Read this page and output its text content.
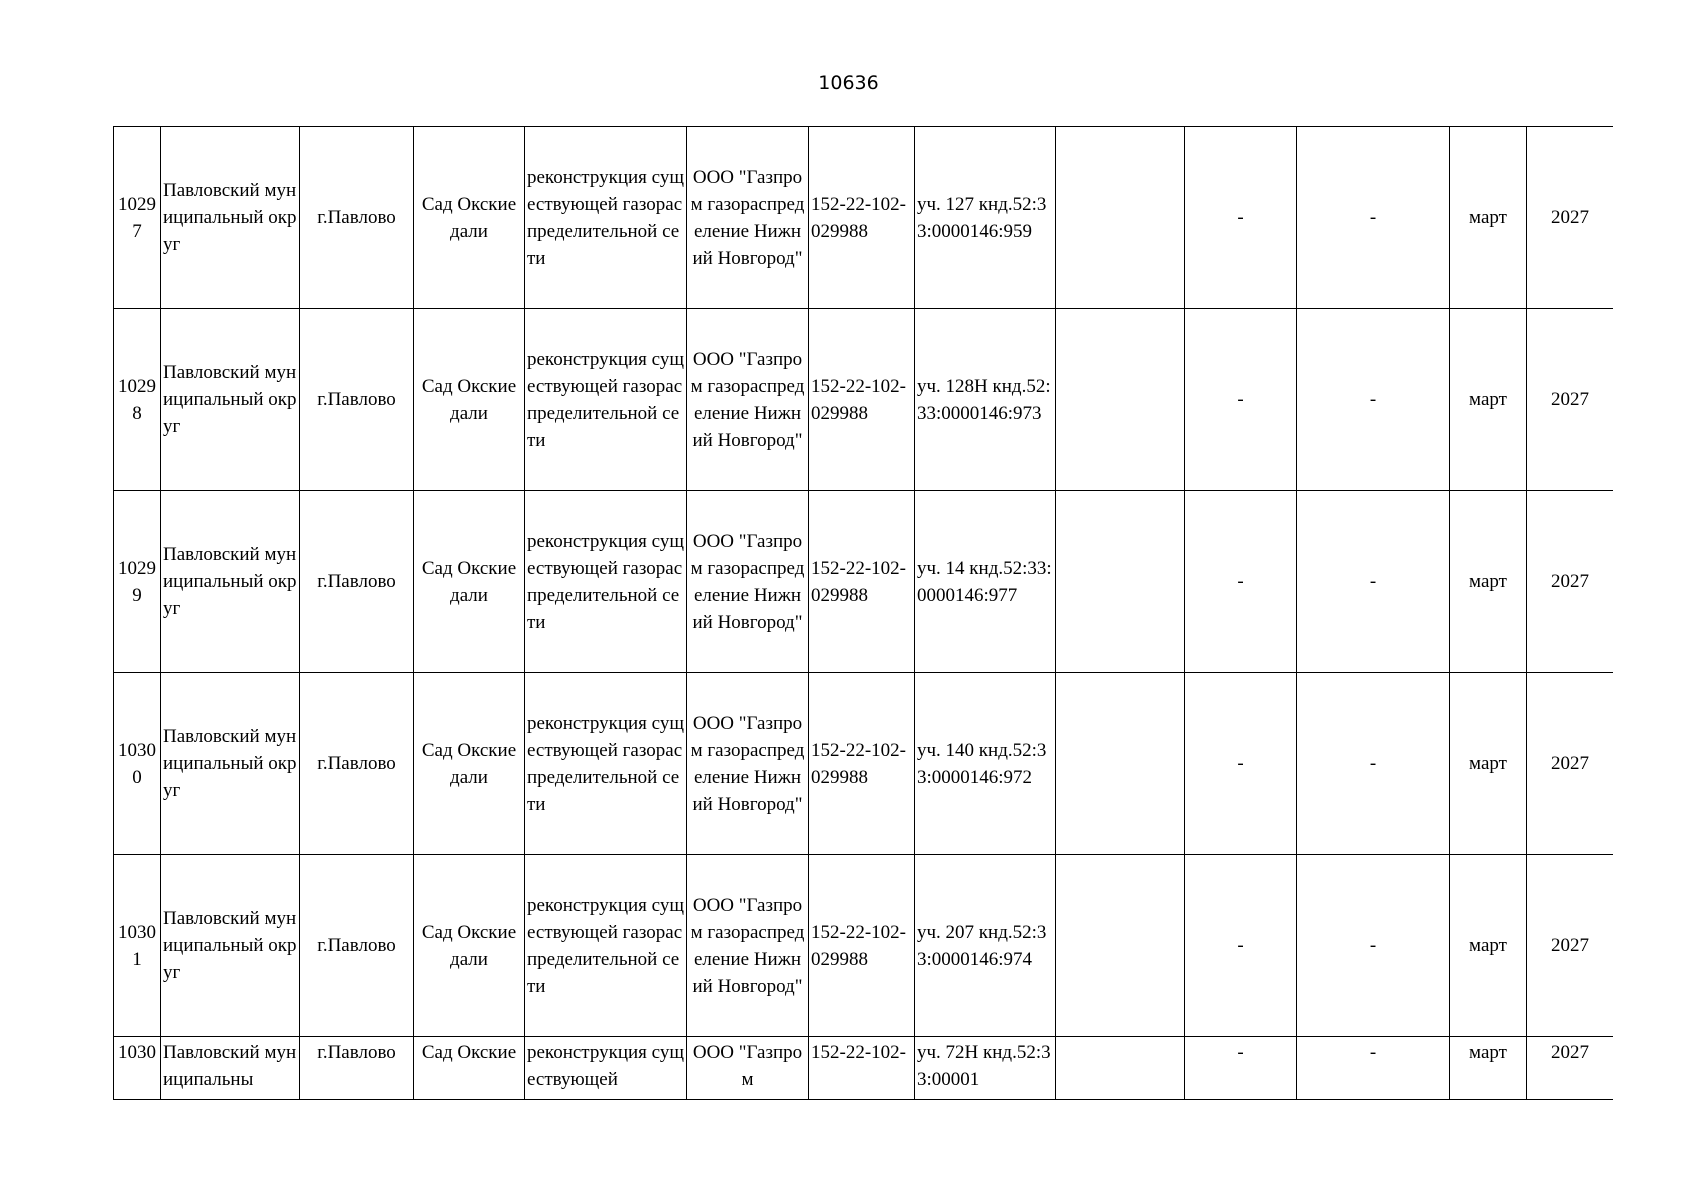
10636
10297	Павловский муниципальный округ	г.Павлово	Сад Окские дали	реконструкция существующей газораспределительной сети	ООО "Газпром газораспределение Нижний Новгород"	152-22-102-029988	уч. 127 кнд.52:33:0000146:959		-	-	март	2027
10298	Павловский муниципальный округ	г.Павлово	Сад Окские дали	реконструкция существующей газораспределительной сети	ООО "Газпром газораспределение Нижний Новгород"	152-22-102-029988	уч. 128Н кнд.52:33:0000146:973		-	-	март	2027
10299	Павловский муниципальный округ	г.Павлово	Сад Окские дали	реконструкция существующей газораспределительной сети	ООО "Газпром газораспределение Нижний Новгород"	152-22-102-029988	уч. 14 кнд.52:33:0000146:977		-	-	март	2027
10300	Павловский муниципальный округ	г.Павлово	Сад Окские дали	реконструкция существующей газораспределительной сети	ООО "Газпром газораспределение Нижний Новгород"	152-22-102-029988	уч. 140 кнд.52:33:0000146:972		-	-	март	2027
10301	Павловский муниципальный округ	г.Павлово	Сад Окские дали	реконструкция существующей газораспределительной сети	ООО "Газпром газораспределение Нижний Новгород"	152-22-102-029988	уч. 207 кнд.52:33:0000146:974		-	-	март	2027
1030	Павловский муниципальны	г.Павлово	Сад Окские	реконструкция существующей	ООО "Газпром	152-22-102-	уч. 72Н кнд.52:33:00001		-	-	март	2027
